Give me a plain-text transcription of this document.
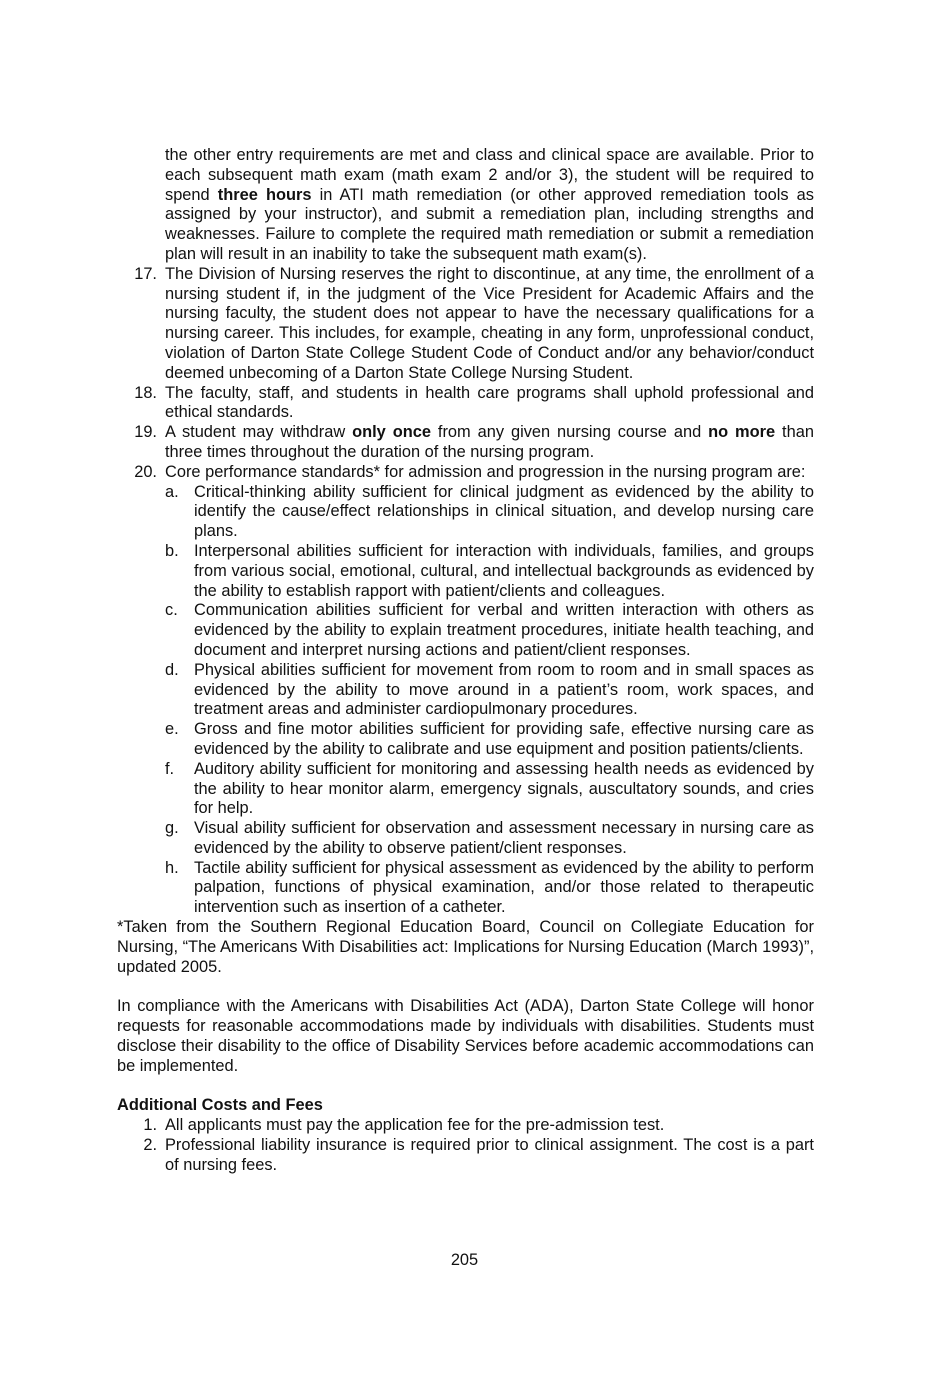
the other entry requirements are met and class and clinical space are available. Prior to each subsequent math exam (math exam 2 and/or 3), the student will be required to spend three hours in ATI math remediation (or other approved remediation tools as assigned by your instructor), and submit a remediation plan, including strengths and weaknesses. Failure to complete the required math remediation or submit a remediation plan will result in an inability to take the subsequent math exam(s).

17. The Division of Nursing reserves the right to discontinue, at any time, the enrollment of a nursing student if, in the judgment of the Vice President for Academic Affairs and the nursing faculty, the student does not appear to have the necessary qualifications for a nursing career. This includes, for example, cheating in any form, unprofessional conduct, violation of Darton State College Student Code of Conduct and/or any behavior/conduct deemed unbecoming of a Darton State College Nursing Student.
18. The faculty, staff, and students in health care programs shall uphold professional and ethical standards.
19. A student may withdraw only once from any given nursing course and no more than three times throughout the duration of the nursing program.
20. Core performance standards* for admission and progression in the nursing program are:
a. Critical-thinking ability sufficient for clinical judgment as evidenced by the ability to identify the cause/effect relationships in clinical situation, and develop nursing care plans.
b. Interpersonal abilities sufficient for interaction with individuals, families, and groups from various social, emotional, cultural, and intellectual backgrounds as evidenced by the ability to establish rapport with patient/clients and colleagues.
c. Communication abilities sufficient for verbal and written interaction with others as evidenced by the ability to explain treatment procedures, initiate health teaching, and document and interpret nursing actions and patient/client responses.
d. Physical abilities sufficient for movement from room to room and in small spaces as evidenced by the ability to move around in a patient’s room, work spaces, and treatment areas and administer cardiopulmonary procedures.
e. Gross and fine motor abilities sufficient for providing safe, effective nursing care as evidenced by the ability to calibrate and use equipment and position patients/clients.
f.	Auditory ability sufficient for monitoring and assessing health needs as evidenced by the ability to hear monitor alarm, emergency signals, auscultatory sounds, and cries for help.
g. Visual ability sufficient for observation and assessment necessary in nursing care as evidenced by the ability to observe patient/client responses.
h. Tactile ability sufficient for physical assessment as evidenced by the ability to perform palpation, functions of physical examination, and/or those related to therapeutic intervention such as insertion of a catheter.

*Taken from the Southern Regional Education Board, Council on Collegiate Education for Nursing, “The Americans With Disabilities act: Implications for Nursing Education (March 1993)”, updated 2005.

In compliance with the Americans with Disabilities Act (ADA), Darton State College will honor requests for reasonable accommodations made by individuals with disabilities. Students must disclose their disability to the office of Disability Services before academic accommodations can be implemented.

Additional Costs and Fees

1. All applicants must pay the application fee for the pre-admission test.
2. Professional liability insurance is required prior to clinical assignment. The cost is a part of nursing fees.
205
